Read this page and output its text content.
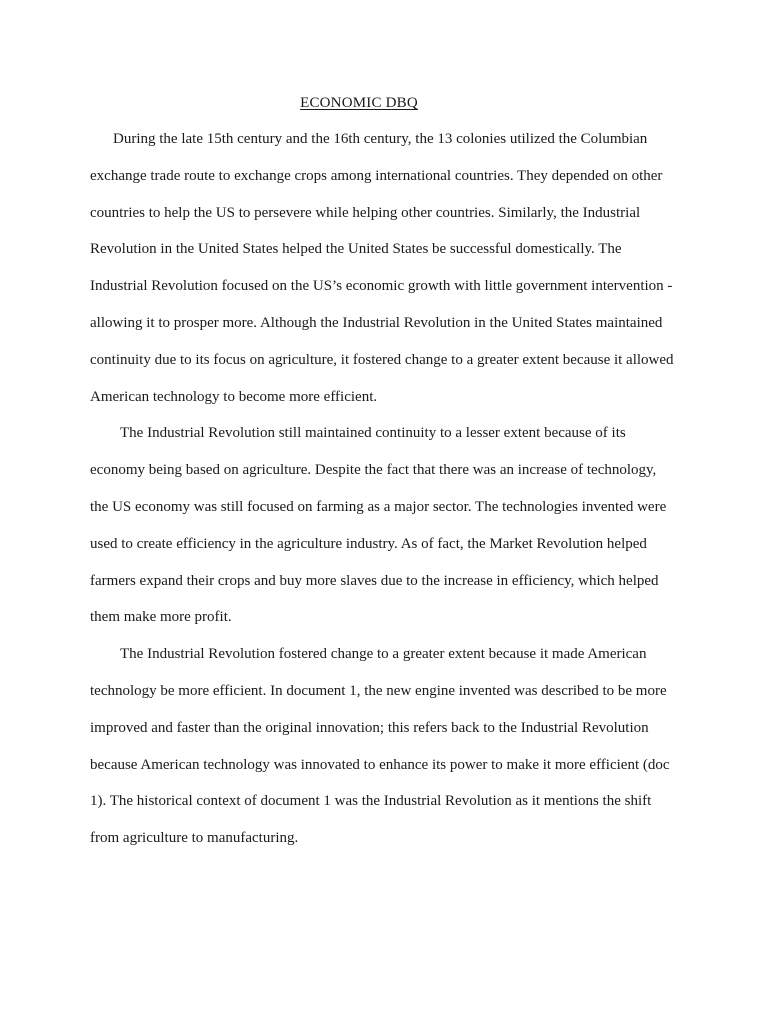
ECONOMIC DBQ
During the late 15th century and the 16th century, the 13 colonies utilized the Columbian
exchange trade route to exchange crops among international countries. They depended on other
countries to help the US to persevere while helping other countries. Similarly, the Industrial
Revolution in the United States helped the United States be successful domestically. The
Industrial Revolution focused on the US’s economic growth with little government intervention -
allowing it to prosper more. Although the Industrial Revolution in the United States maintained
continuity due to its focus on agriculture, it fostered change to a greater extent because it allowed
American technology to become more efficient.
The Industrial Revolution still maintained continuity to a lesser extent because of its
economy being based on agriculture. Despite the fact that there was an increase of technology,
the US economy was still focused on farming as a major sector. The technologies invented were
used to create efficiency in the agriculture industry. As of fact, the Market Revolution helped
farmers expand their crops and buy more slaves due to the increase in efficiency, which helped
them make more profit.
The Industrial Revolution fostered change to a greater extent because it made American
technology be more efficient. In document 1, the new engine invented was described to be more
improved and faster than the original innovation; this refers back to the Industrial Revolution
because American technology was innovated to enhance its power to make it more efficient (doc
1). The historical context of document 1 was the Industrial Revolution as it mentions the shift
from agriculture to manufacturing.
